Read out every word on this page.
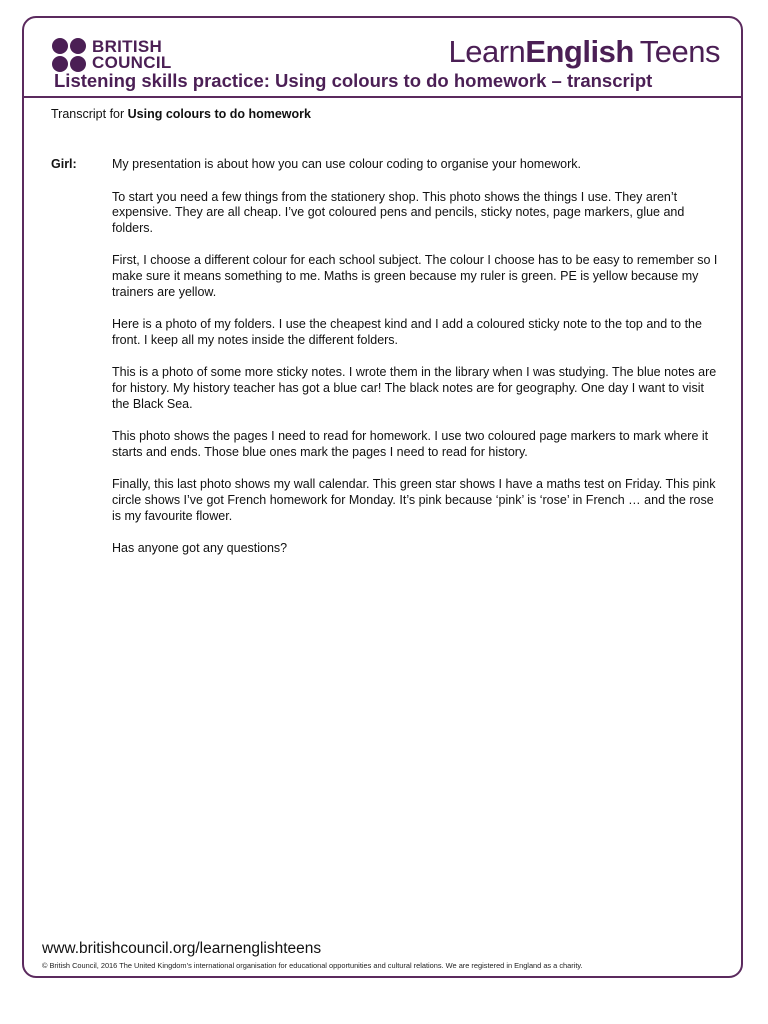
BRITISH
COUNCIL	LearnEnglish Teens
Listening skills practice: Using colours to do homework – transcript
Transcript for Using colours to do homework
Girl:	My presentation is about how you can use colour coding to organise your homework.

To start you need a few things from the stationery shop. This photo shows the things I use. They aren’t expensive. They are all cheap. I’ve got coloured pens and pencils, sticky notes, page markers, glue and folders.

First, I choose a different colour for each school subject. The colour I choose has to be easy to remember so I make sure it means something to me. Maths is green because my ruler is green. PE is yellow because my trainers are yellow.

Here is a photo of my folders. I use the cheapest kind and I add a coloured sticky note to the top and to the front. I keep all my notes inside the different folders.

This is a photo of some more sticky notes. I wrote them in the library when I was studying. The blue notes are for history. My history teacher has got a blue car! The black notes are for geography. One day I want to visit the Black Sea.

This photo shows the pages I need to read for homework. I use two coloured page markers to mark where it starts and ends. Those blue ones mark the pages I need to read for history.

Finally, this last photo shows my wall calendar. This green star shows I have a maths test on Friday. This pink circle shows I’ve got French homework for Monday. It’s pink because ‘pink’ is ‘rose’ in French … and the rose is my favourite flower.

Has anyone got any questions?

www.britishcouncil.org/learnenglishteens
© British Council, 2016 The United Kingdom’s international organisation for educational opportunities and cultural relations. We are registered in England as a charity.
